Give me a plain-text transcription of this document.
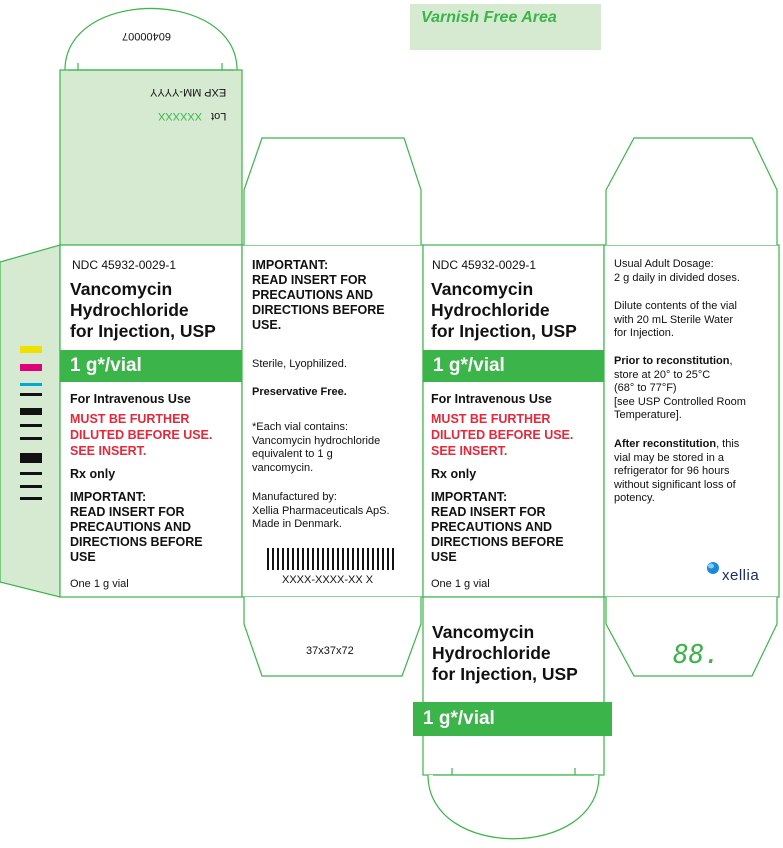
Varnish Free Area
60400007
EXP MM-YYYY
Lot XXXXXX
NDC 45932-0029-1
Vancomycin
Hydrochloride
for Injection, USP
1 g*/vial
For Intravenous Use
MUST BE FURTHER
DILUTED BEFORE USE.
SEE INSERT.
Rx only
IMPORTANT:
READ INSERT FOR
PRECAUTIONS AND
DIRECTIONS BEFORE
USE
One 1 g vial
IMPORTANT:
READ INSERT FOR
PRECAUTIONS AND
DIRECTIONS BEFORE
USE.
Sterile, Lyophilized.
Preservative Free.
*Each vial contains:
Vancomycin hydrochloride
equivalent to 1 g
vancomycin.
Manufactured by:
Xellia Pharmaceuticals ApS.
Made in Denmark.
XXXX-XXXX-XX X
37x37x72
NDC 45932-0029-1
Vancomycin
Hydrochloride
for Injection, USP
1 g*/vial
For Intravenous Use
MUST BE FURTHER
DILUTED BEFORE USE.
SEE INSERT.
Rx only
IMPORTANT:
READ INSERT FOR
PRECAUTIONS AND
DIRECTIONS BEFORE
USE
One 1 g vial
Usual Adult Dosage:
2 g daily in divided doses.
Dilute contents of the vial
with 20 mL Sterile Water
for Injection.
Prior to reconstitution,
store at 20° to 25°C
(68° to 77°F)
[see USP Controlled Room
Temperature].
After reconstitution, this
vial may be stored in a
refrigerator for 96 hours
without significant loss of
potency.
xellia
Vancomycin
Hydrochloride
for Injection, USP
1 g*/vial
88.
